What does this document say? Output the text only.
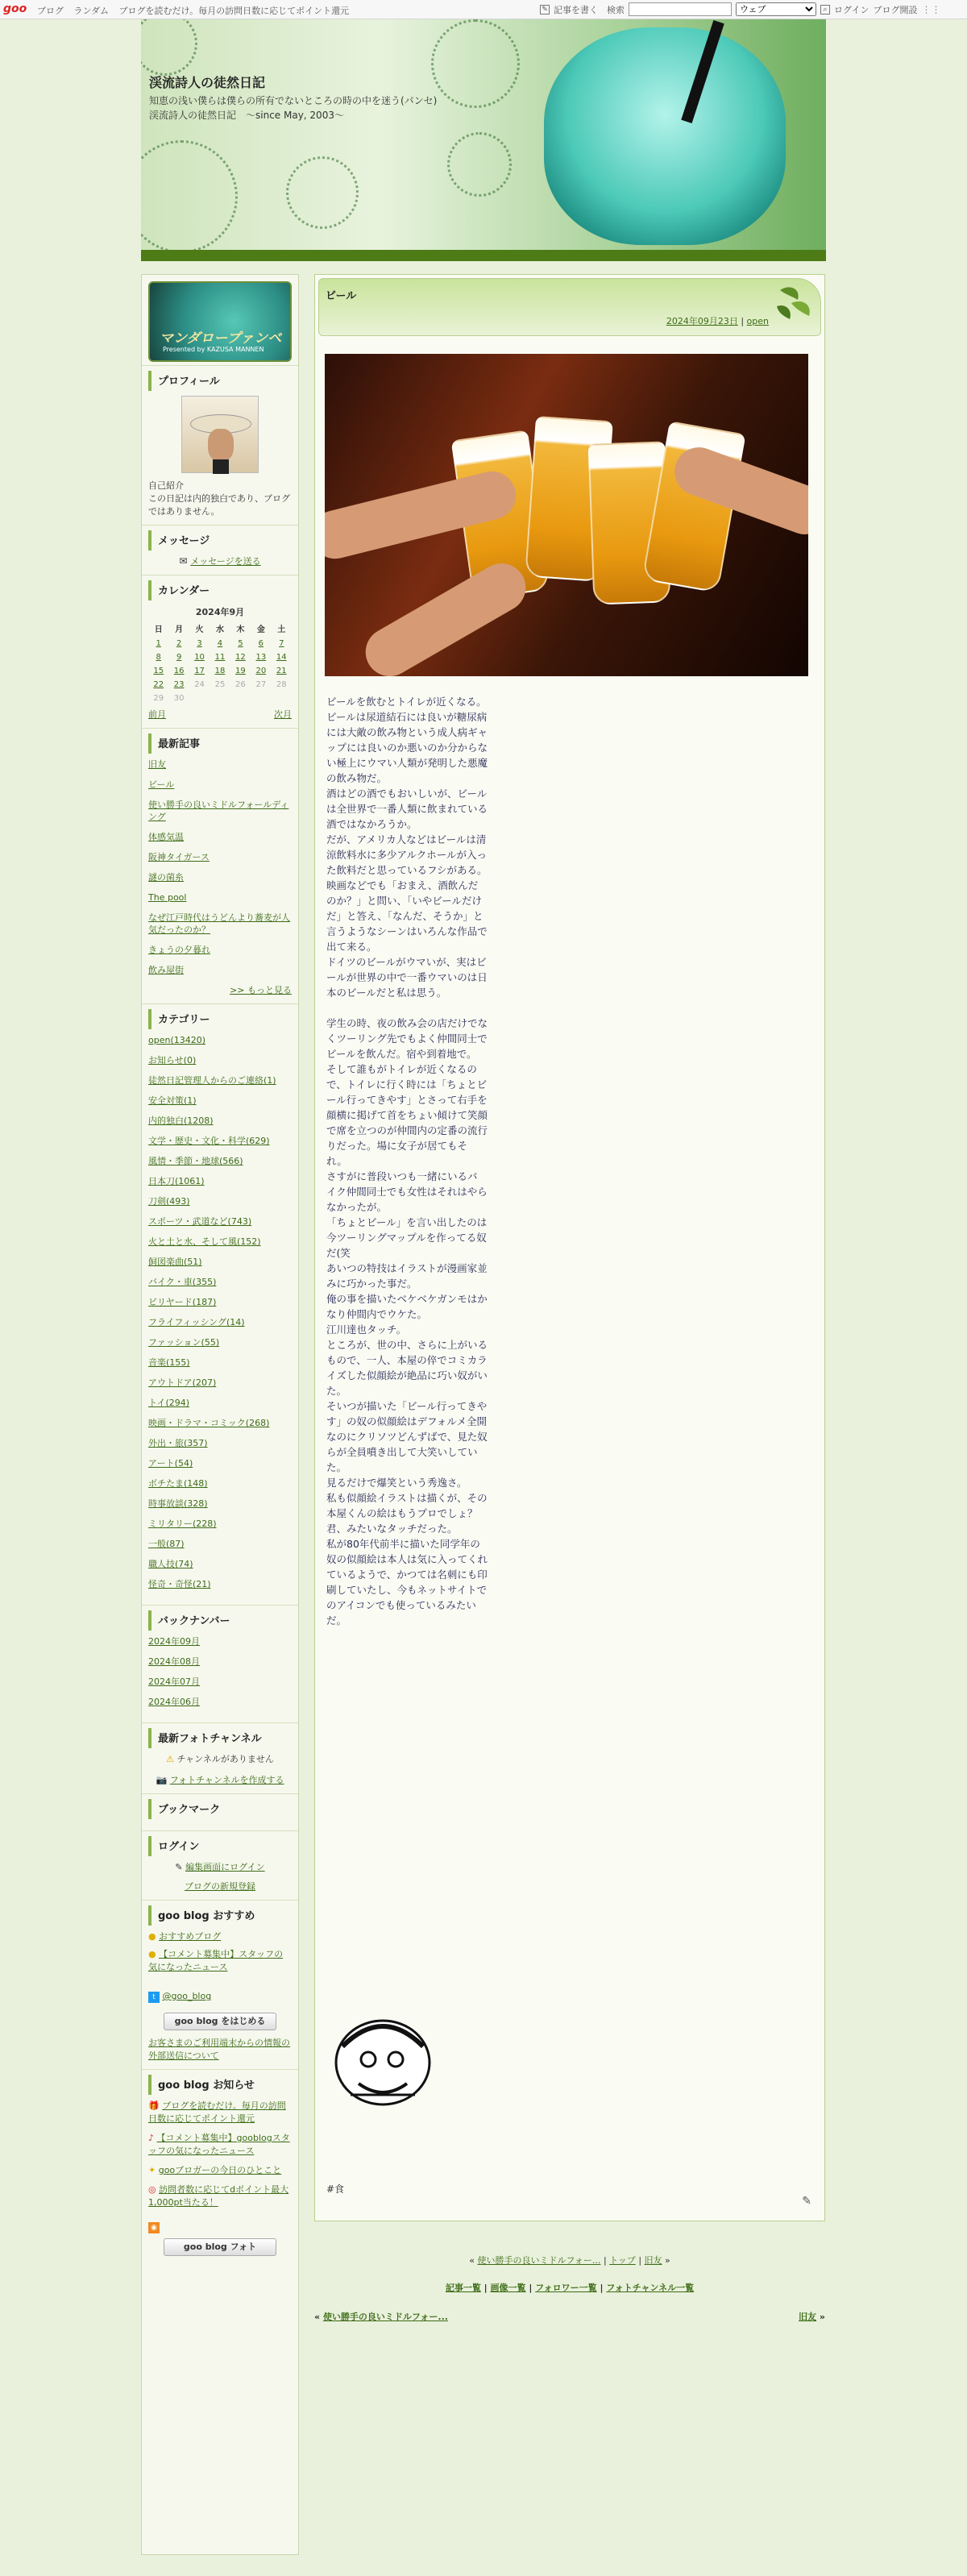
goo ブログ ランダム ブログを読むだけ。毎月の訪問日数に応じてポイント還元	✎ 記事を書く 検索
ウェブ	⌕ ログイン ブログ開設 ⋮⋮
渓流詩人の徒然日記
知恵の浅い僕らは僕らの所有でないところの時の中を迷う(パンセ)　渓流詩人の徒然日記　～since May, 2003～
マンダロープァンベ
Presented by KAZUSA MANNEN
プロフィール
自己紹介
この日記は内的独白であり、ブログではありません。
メッセージ
✉ メッセージを送る
カレンダー
2024年9月
日	月	火	水	木	金	土
1	2	3	4	5	6	7
8	9	10	11	12	13	14
15	16	17	18	19	20	21
22	23	24	25	26	27	28
29	30					
前月	次月
最新記事
旧友
ビール
使い勝手の良いミドルフォールディング
体感気温
阪神タイガース
謎の菌糸
The pool
なぜ江戸時代はうどんより蕎麦が人気だったのか？
きょうの夕暮れ
飲み屋街
>> もっと見る
カテゴリー
open(13420)
お知らせ(0)
徒然日記管理人からのご連絡(1)
安全対策(1)
内的独白(1208)
文学・歴史・文化・科学(629)
風情・季節・地球(566)
日本刀(1061)
刀剣(493)
スポーツ・武道など(743)
火と土と水、そして風(152)
飼図楽曲(51)
バイク・車(355)
ビリヤード(187)
フライフィッシング(14)
ファッション(55)
音楽(155)
アウトドア(207)
トイ(294)
映画・ドラマ・コミック(268)
外出・旅(357)
アート(54)
ボチたま(148)
時事放談(328)
ミリタリー(228)
一般(87)
職人技(74)
怪奇・奇怪(21)
バックナンバー
2024年09月
2024年08月
2024年07月
2024年06月
最新フォトチャンネル
⚠ チャンネルがありません
📷 フォトチャンネルを作成する
ブックマーク
ログイン
✎ 編集画面にログイン
ブログの新規登録
goo blog おすすめ
● おすすめブログ
● 【コメント募集中】スタッフの気になったニュース
t @goo_blog
goo blog をはじめる
お客さまのご利用端末からの情報の外部送信について
goo blog お知らせ
🎁 ブログを読むだけ。毎月の訪問日数に応じてポイント還元
♪ 【コメント募集中】gooblogスタッフの気になったニュース
✦ gooブロガーの今日のひとこと
◎ 訪問者数に応じてdポイント最大1,000pt当たる！
◉
goo blog フォト
ビール
2024年09月23日 | open
ビールを飲むとトイレが近くなる。
ビールは尿道結石には良いが糖尿病には大敵の飲み物という成人病ギャップには良いのか悪いのか分からない極上にウマい人類が発明した悪魔の飲み物だ。
酒はどの酒でもおいしいが、ビールは全世界で一番人類に飲まれている酒ではなかろうか。
だが、アメリカ人などはビールは清涼飲料水に多少アルクホールが入った飲料だと思っているフシがある。
映画などでも「おまえ、酒飲んだのか？」と問い、「いやビールだけだ」と答え、「なんだ、そうか」と言うようなシーンはいろんな作品で出て来る。
ドイツのビールがウマいが、実はビールが世界の中で一番ウマいのは日本のビールだと私は思う。

学生の時、夜の飲み会の店だけでなくツーリング先でもよく仲間同士でビールを飲んだ。宿や到着地で。
そして誰もがトイレが近くなるので、トイレに行く時には「ちょとビール行ってきやす」とさって右手を顔横に掲げて首をちょい傾けて笑顔で席を立つのが仲間内の定番の流行りだった。場に女子が居てもそれ。
さすがに普段いつも一緒にいるバイク仲間同士でも女性はそれはやらなかったが。
「ちょとビール」を言い出したのは今ツーリングマップルを作ってる奴だ(笑
あいつの特技はイラストが漫画家並みに巧かった事だ。
俺の事を描いたベケベケガンモはかなり仲間内でウケた。
江川達也タッチ。
ところが、世の中、さらに上がいるもので、一人、本屋の倅でコミカライズした似顔絵が絶品に巧い奴がいた。
そいつが描いた「ビール行ってきやす」の奴の似顔絵はデフォルメ全開なのにクリソツどんずばで、見た奴らが全員噴き出して大笑いしていた。
見るだけで爆笑という秀逸さ。
私も似顔絵イラストは描くが、その本屋くんの絵はもうプロでしょ？君、みたいなタッチだった。
私が80年代前半に描いた同学年の奴の似顔絵は本人は気に入ってくれているようで、かつては名刺にも印刷していたし、今もネットサイトでのアイコンでも使っているみたいだ。
#食
✎
« 使い勝手の良いミドルフォー... | トップ | 旧友 »
記事一覧 | 画像一覧 | フォロワー一覧 | フォトチャンネル一覧
« 使い勝手の良いミドルフォー...	旧友 »
